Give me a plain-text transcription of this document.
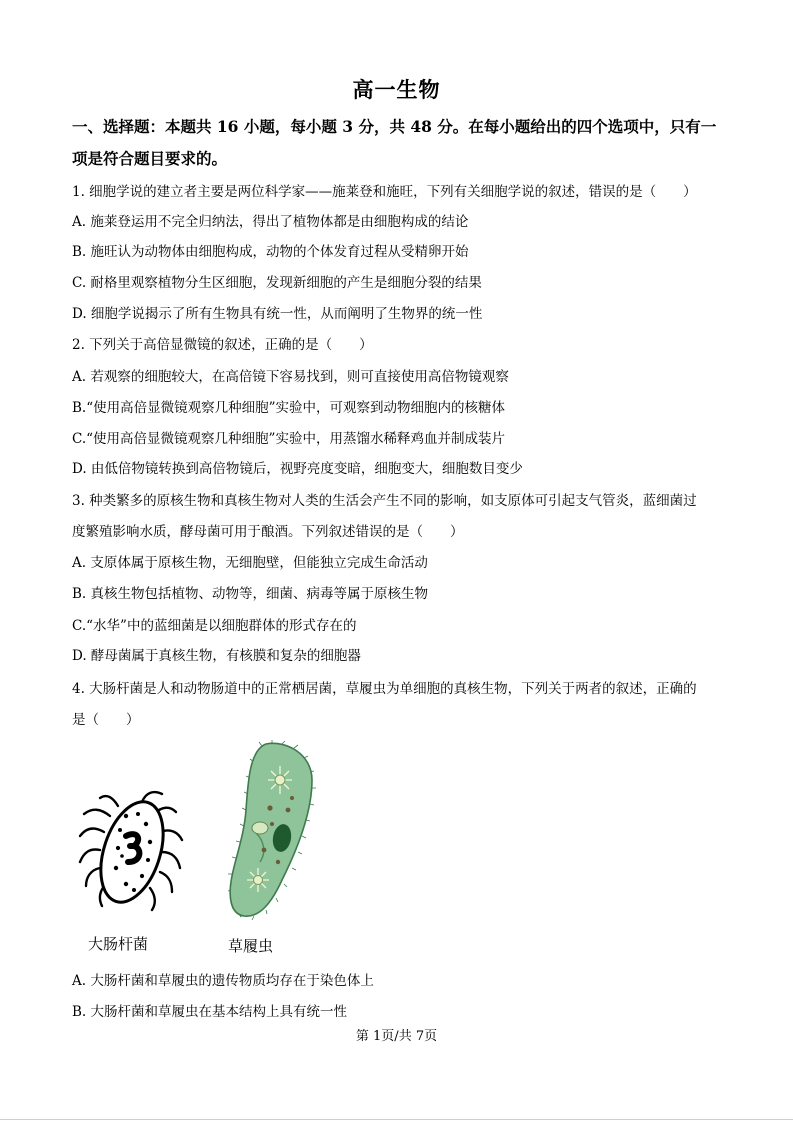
高一生物
一、选择题：本题共 16 小题，每小题 3 分，共 48 分。在每小题给出的四个选项中，只有一
项是符合题目要求的。
1. 细胞学说的建立者主要是两位科学家——施莱登和施旺，下列有关细胞学说的叙述，错误的是（　　）
A. 施莱登运用不完全归纳法，得出了植物体都是由细胞构成的结论
B. 施旺认为动物体由细胞构成，动物的个体发育过程从受精卵开始
C. 耐格里观察植物分生区细胞，发现新细胞的产生是细胞分裂的结果
D. 细胞学说揭示了所有生物具有统一性，从而阐明了生物界的统一性
2. 下列关于高倍显微镜的叙述，正确的是（　　）
A. 若观察的细胞较大，在高倍镜下容易找到，则可直接使用高倍物镜观察
B.“使用高倍显微镜观察几种细胞”实验中，可观察到动物细胞内的核糖体
C.“使用高倍显微镜观察几种细胞”实验中，用蒸馏水稀释鸡血并制成装片
D. 由低倍物镜转换到高倍物镜后，视野亮度变暗，细胞变大，细胞数目变少
3. 种类繁多的原核生物和真核生物对人类的生活会产生不同的影响，如支原体可引起支气管炎，蓝细菌过
度繁殖影响水质，酵母菌可用于酿酒。下列叙述错误的是（　　）
A. 支原体属于原核生物，无细胞壁，但能独立完成生命活动
B. 真核生物包括植物、动物等，细菌、病毒等属于原核生物
C.“水华”中的蓝细菌是以细胞群体的形式存在的
D. 酵母菌属于真核生物，有核膜和复杂的细胞器
4. 大肠杆菌是人和动物肠道中的正常栖居菌，草履虫为单细胞的真核生物，下列关于两者的叙述，正确的
是（　　）
大肠杆菌	草履虫
A. 大肠杆菌和草履虫的遗传物质均存在于染色体上
B. 大肠杆菌和草履虫在基本结构上具有统一性
第 1页/共 7页
